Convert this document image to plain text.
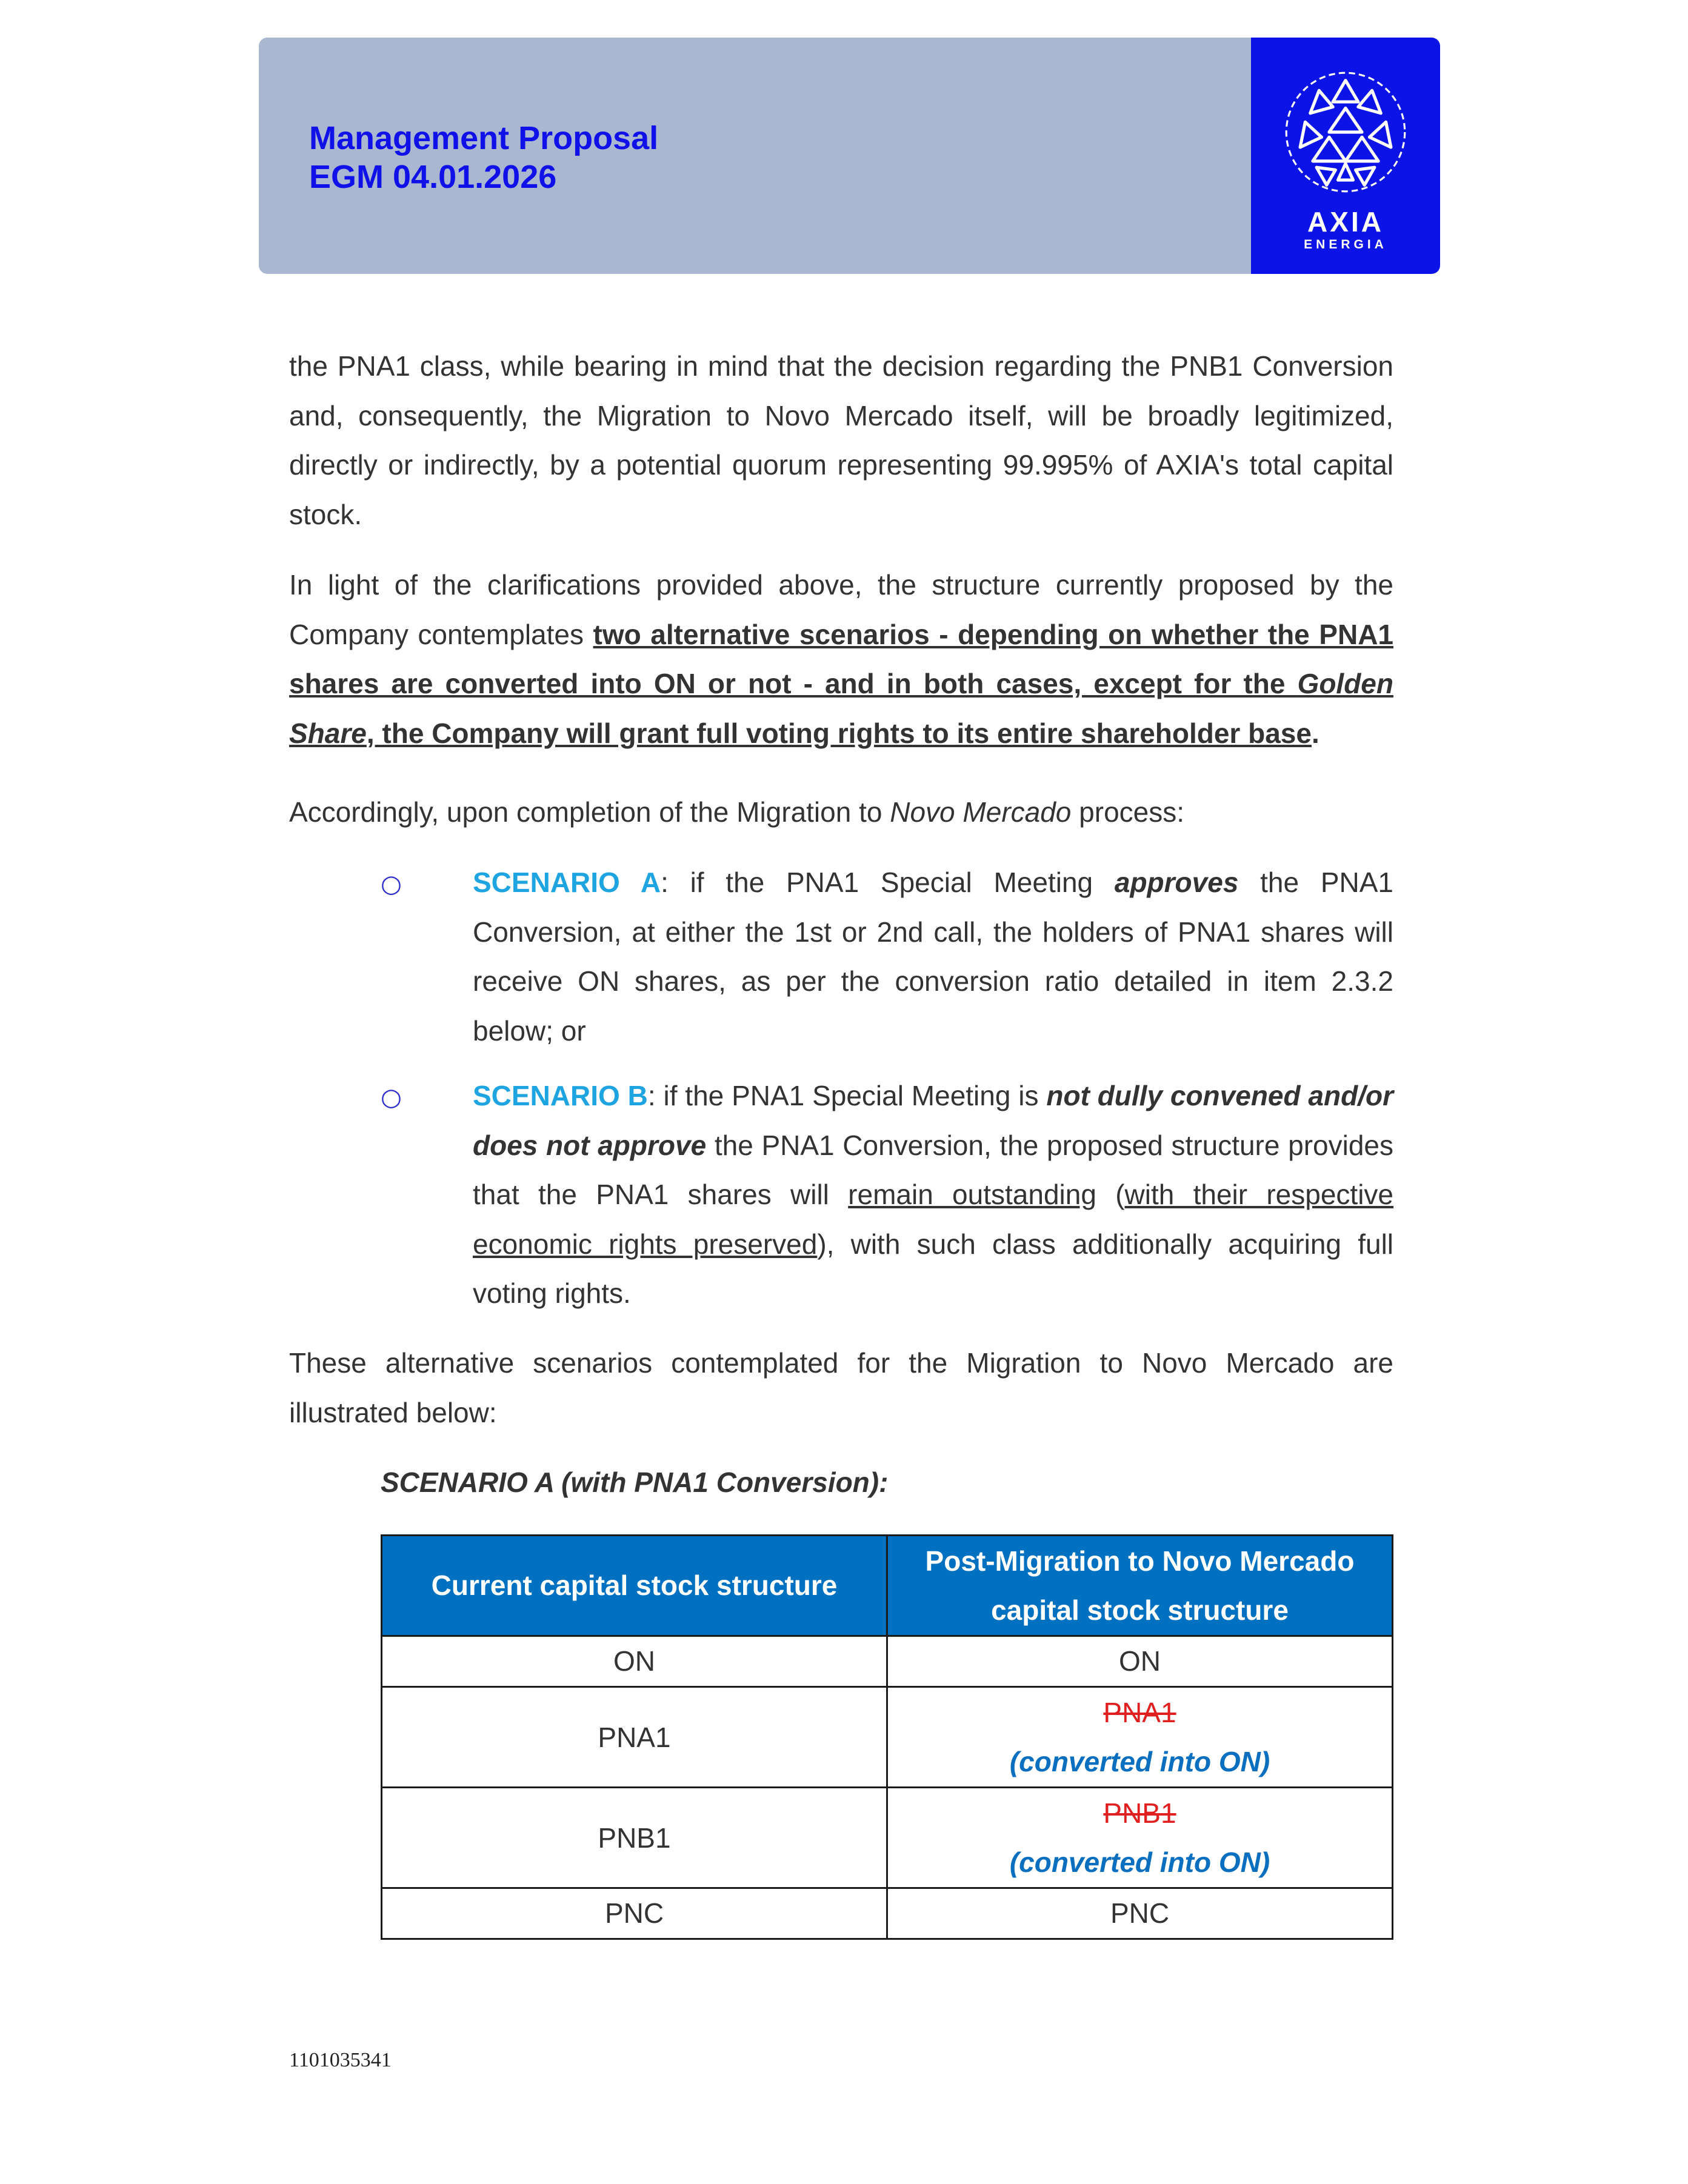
Management Proposal
EGM 04.01.2026
AXIA
ENERGIA
the PNA1 class, while bearing in mind that the decision regarding the PNB1 Conversion and, consequently, the Migration to Novo Mercado itself, will be broadly legitimized, directly or indirectly, by a potential quorum representing 99.995% of AXIA's total capital stock.
In light of the clarifications provided above, the structure currently proposed by the Company contemplates two alternative scenarios - depending on whether the PNA1 shares are converted into ON or not - and in both cases, except for the Golden Share, the Company will grant full voting rights to its entire shareholder base.
Accordingly, upon completion of the Migration to Novo Mercado process:
○	SCENARIO A: if the PNA1 Special Meeting approves the PNA1 Conversion, at either the 1st or 2nd call, the holders of PNA1 shares will receive ON shares, as per the conversion ratio detailed in item 2.3.2 below; or
○	SCENARIO B: if the PNA1 Special Meeting is not dully convened and/or does not approve the PNA1 Conversion, the proposed structure provides that the PNA1 shares will remain outstanding (with their respective economic rights preserved), with such class additionally acquiring full voting rights.
These alternative scenarios contemplated for the Migration to Novo Mercado are illustrated below:
SCENARIO A (with PNA1 Conversion):
Current capital stock structure	Post-Migration to Novo Mercado capital stock structure

ON	ON
PNA1	PNA1
(converted into ON)

PNB1	PNB1
(converted into ON)

PNC	PNC
1101035341
